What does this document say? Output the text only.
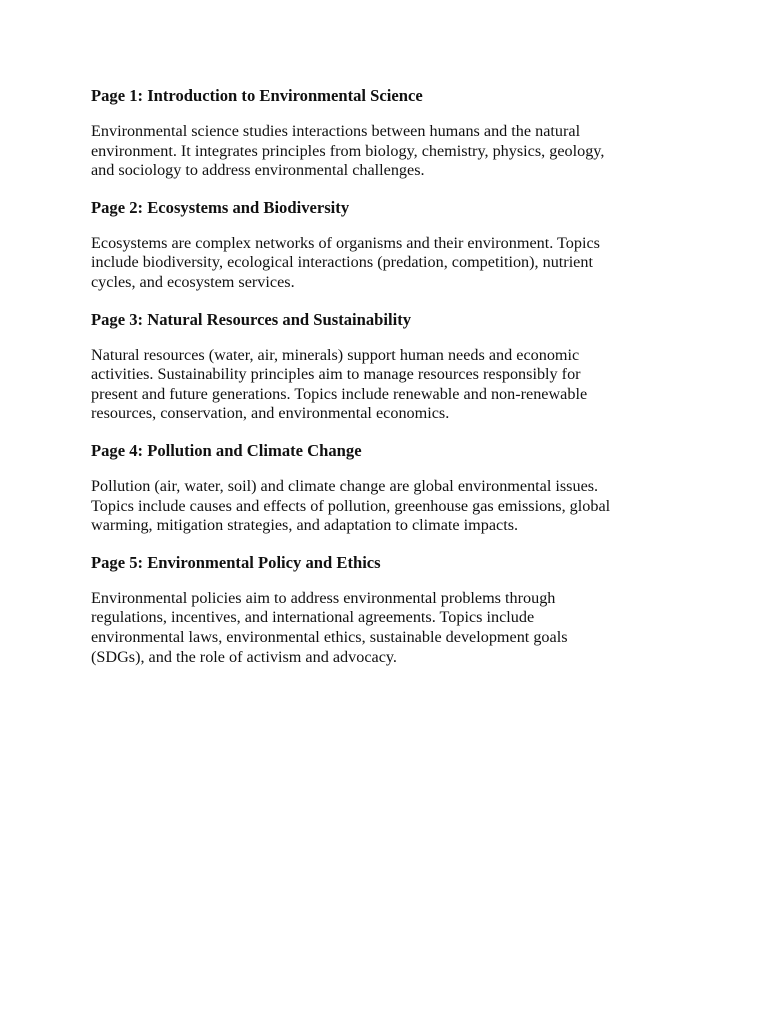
Page 1: Introduction to Environmental Science

Environmental science studies interactions between humans and the natural
environment. It integrates principles from biology, chemistry, physics, geology,
and sociology to address environmental challenges.

Page 2: Ecosystems and Biodiversity

Ecosystems are complex networks of organisms and their environment. Topics
include biodiversity, ecological interactions (predation, competition), nutrient
cycles, and ecosystem services.

Page 3: Natural Resources and Sustainability

Natural resources (water, air, minerals) support human needs and economic
activities. Sustainability principles aim to manage resources responsibly for
present and future generations. Topics include renewable and non-renewable
resources, conservation, and environmental economics.

Page 4: Pollution and Climate Change

Pollution (air, water, soil) and climate change are global environmental issues.
Topics include causes and effects of pollution, greenhouse gas emissions, global
warming, mitigation strategies, and adaptation to climate impacts.

Page 5: Environmental Policy and Ethics

Environmental policies aim to address environmental problems through
regulations, incentives, and international agreements. Topics include
environmental laws, environmental ethics, sustainable development goals
(SDGs), and the role of activism and advocacy.
